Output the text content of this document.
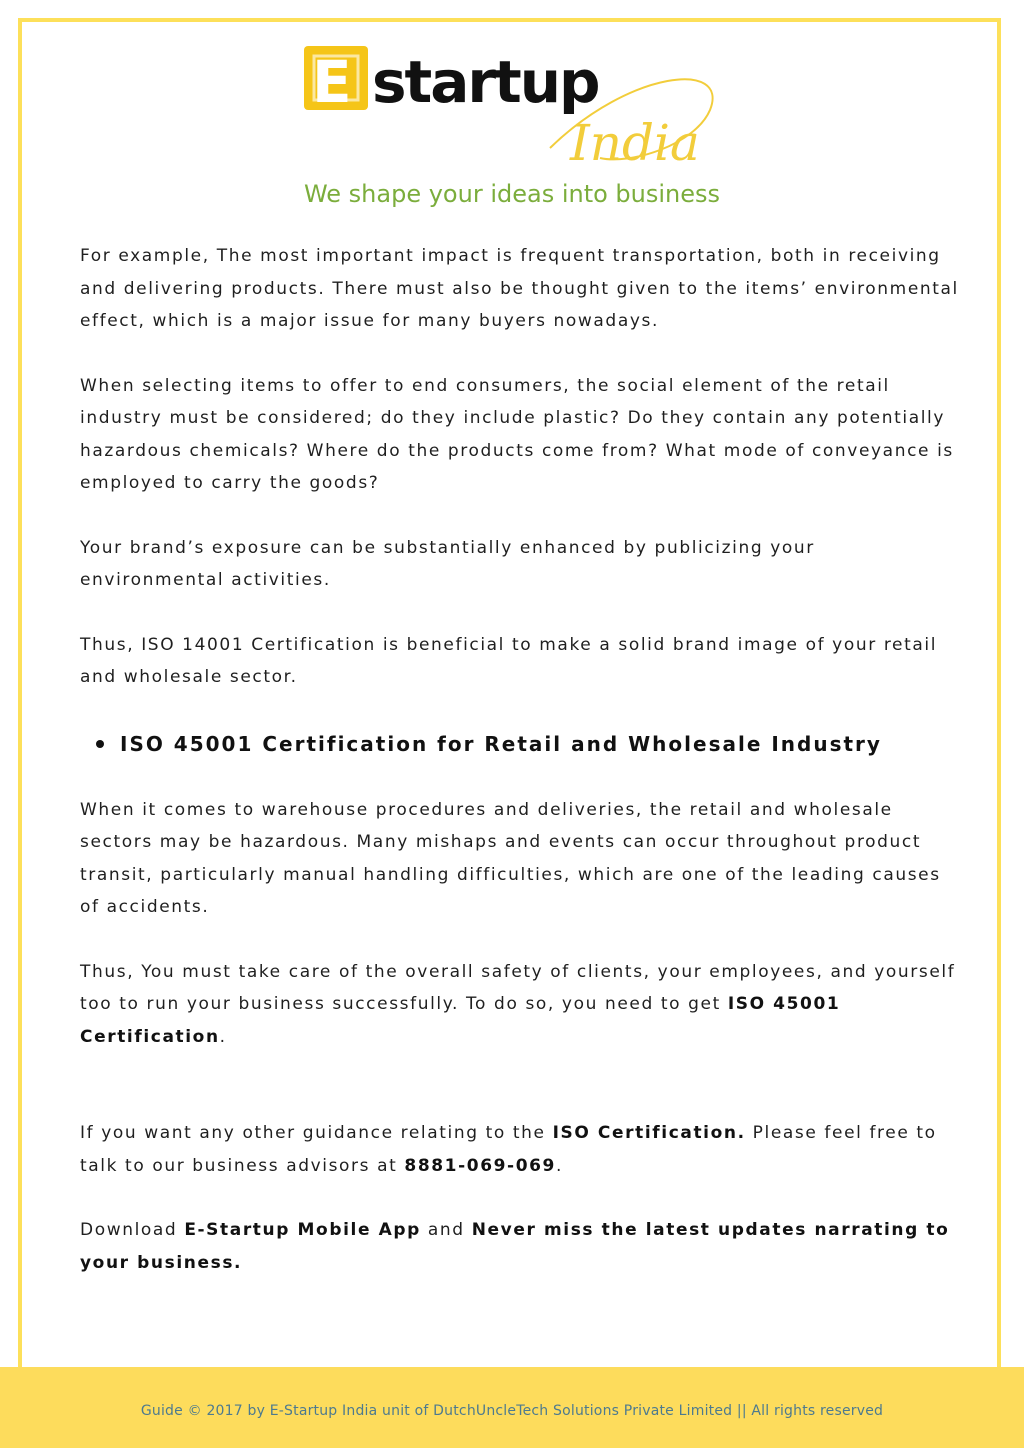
E startup
India
We shape your ideas into business

For example, The most important impact is frequent transportation, both in receiving and delivering products. There must also be thought given to the items’ environmental effect, which is a major issue for many buyers nowadays.

When selecting items to offer to end consumers, the social element of the retail industry must be considered; do they include plastic? Do they contain any potentially hazardous chemicals? Where do the products come from? What mode of conveyance is employed to carry the goods?

Your brand’s exposure can be substantially enhanced by publicizing your environmental activities.

Thus, ISO 14001 Certification is beneficial to make a solid brand image of your retail and wholesale sector.

ISO 45001 Certification for Retail and Wholesale Industry

When it comes to warehouse procedures and deliveries, the retail and wholesale sectors may be hazardous. Many mishaps and events can occur throughout product transit, particularly manual handling difficulties, which are one of the leading causes of accidents.

Thus, You must take care of the overall safety of clients, your employees, and yourself too to run your business successfully. To do so, you need to get ISO 45001 Certification.

If you want any other guidance relating to the ISO Certification. Please feel free to talk to our business advisors at 8881-069-069.

Download E-Startup Mobile App and Never miss the latest updates narrating to your business.

Guide © 2017 by E-Startup India unit of DutchUncleTech Solutions Private Limited || All rights reserved
